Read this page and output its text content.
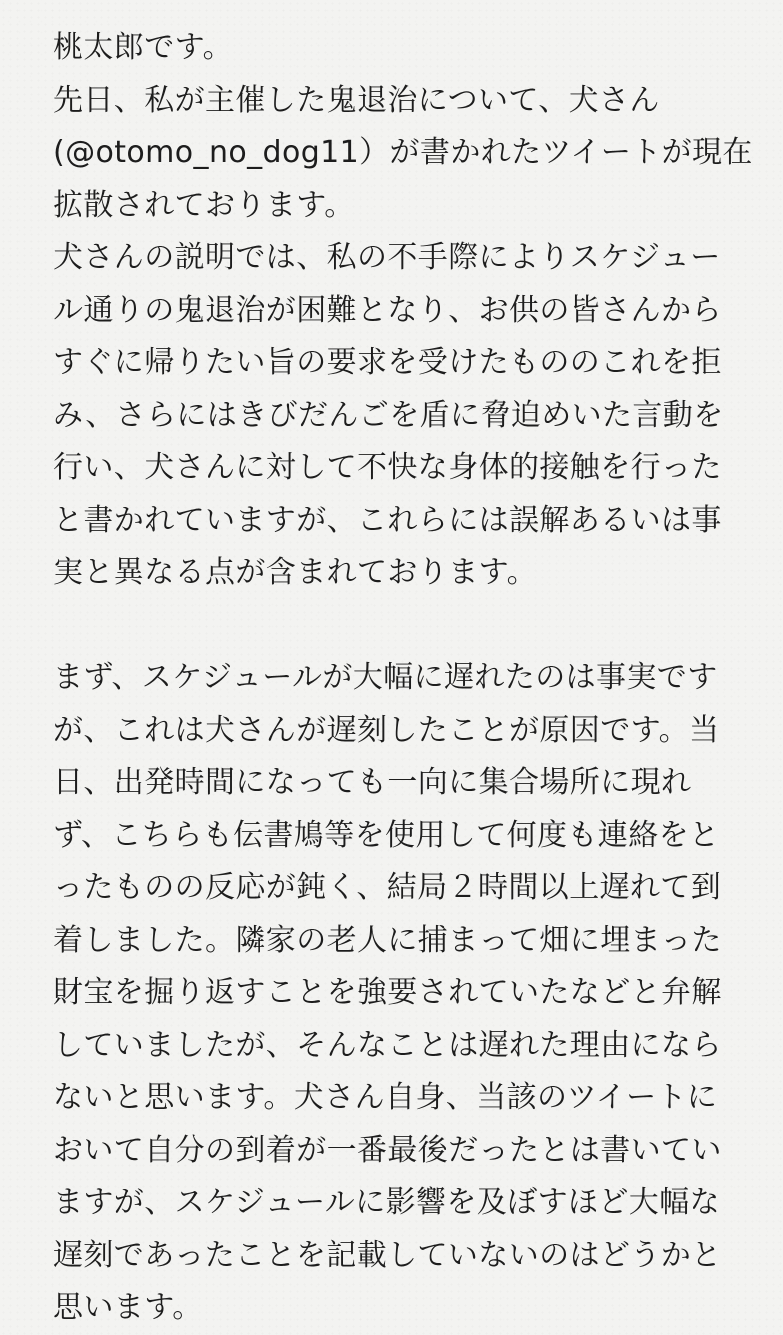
桃太郎です。
先日、私が主催した鬼退治について、犬さん
(@otomo_no_dog11）が書かれたツイートが現在
拡散されております。
犬さんの説明では、私の不手際によりスケジュー
ル通りの鬼退治が困難となり、お供の皆さんから
すぐに帰りたい旨の要求を受けたもののこれを拒
み、さらにはきびだんごを盾に脅迫めいた言動を
行い、犬さんに対して不快な身体的接触を行った
と書かれていますが、これらには誤解あるいは事
実と異なる点が含まれております。
まず、スケジュールが大幅に遅れたのは事実です
が、これは犬さんが遅刻したことが原因です。当
日、出発時間になっても一向に集合場所に現れ
ず、こちらも伝書鳩等を使用して何度も連絡をと
ったものの反応が鈍く、結局２時間以上遅れて到
着しました。隣家の老人に捕まって畑に埋まった
財宝を掘り返すことを強要されていたなどと弁解
していましたが、そんなことは遅れた理由になら
ないと思います。犬さん自身、当該のツイートに
おいて自分の到着が一番最後だったとは書いてい
ますが、スケジュールに影響を及ぼすほど大幅な
遅刻であったことを記載していないのはどうかと
思います。
